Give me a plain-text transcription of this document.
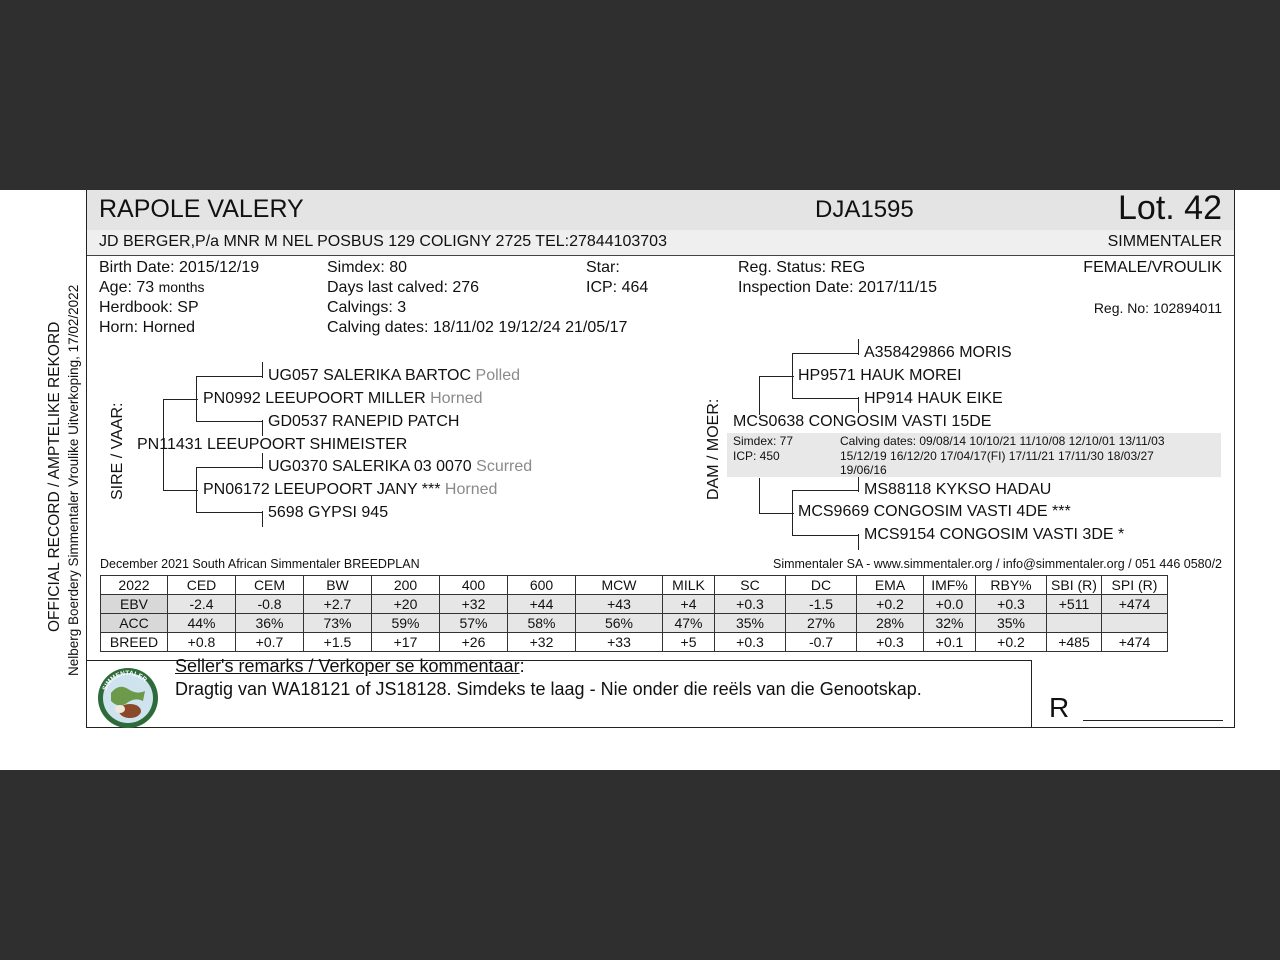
OFFICIAL RECORD / AMPTELIKE REKORD Nelberg Boerdery Simmentaler Vroulike Uitverkoping, 17/02/2022
RAPOLE VALERY	DJA1595	Lot. 42
JD BERGER,P/a MNR M NEL POSBUS 129 COLIGNY 2725 TEL:27844103703	SIMMENTALER
Birth Date: 2015/12/19
Age: 73 months
Herdbook: SP
Horn: Horned
Simdex: 80
Days last calved: 276
Calvings: 3
Calving dates: 18/11/02 19/12/24 21/05/17
Star:
ICP: 464
Reg. Status: REG
Inspection Date: 2017/11/15
FEMALE/VROULIK
Reg. No: 102894011
SIRE / VAAR:
UG057 SALERIKA BARTOC Polled
PN0992 LEEUPOORT MILLER Horned
GD0537 RANEPID PATCH
PN11431 LEEUPOORT SHIMEISTER
UG0370 SALERIKA 03 0070 Scurred
PN06172 LEEUPOORT JANY *** Horned
5698 GYPSI 945
DAM / MOER:
A358429866 MORIS
HP9571 HAUK MOREI
HP914 HAUK EIKE
MCS0638 CONGOSIM VASTI 15DE
Simdex: 77
ICP: 450
Calving dates: 09/08/14 10/10/21 11/10/08 12/10/01 13/11/03
15/12/19 16/12/20 17/04/17(FI) 17/11/21 17/11/30 18/03/27
19/06/16
MS88118 KYKSO HADAU
MCS9669 CONGOSIM VASTI 4DE ***
MCS9154 CONGOSIM VASTI 3DE *
December 2021 South African Simmentaler BREEDPLAN	Simmentaler SA - www.simmentaler.org / info@simmentaler.org / 051 446 0580/2
2022	CED	CEM	BW	200	400	600	MCW	MILK	SC	DC	EMA	IMF%	RBY%	SBI (R)	SPI (R)
EBV	-2.4	-0.8	+2.7	+20	+32	+44	+43	+4	+0.3	-1.5	+0.2	+0.0	+0.3	+511	+474
ACC	44%	36%	73%	59%	57%	58%	56%	47%	35%	27%	28%	32%	35%		
BREED	+0.8	+0.7	+1.5	+17	+26	+32	+33	+5	+0.3	-0.7	+0.3	+0.1	+0.2	+485	+474
SIMMENTALER
Seller's remarks / Verkoper se kommentaar:
Dragtig van WA18121 of JS18128. Simdeks te laag - Nie onder die reëls van die Genootskap.
R
